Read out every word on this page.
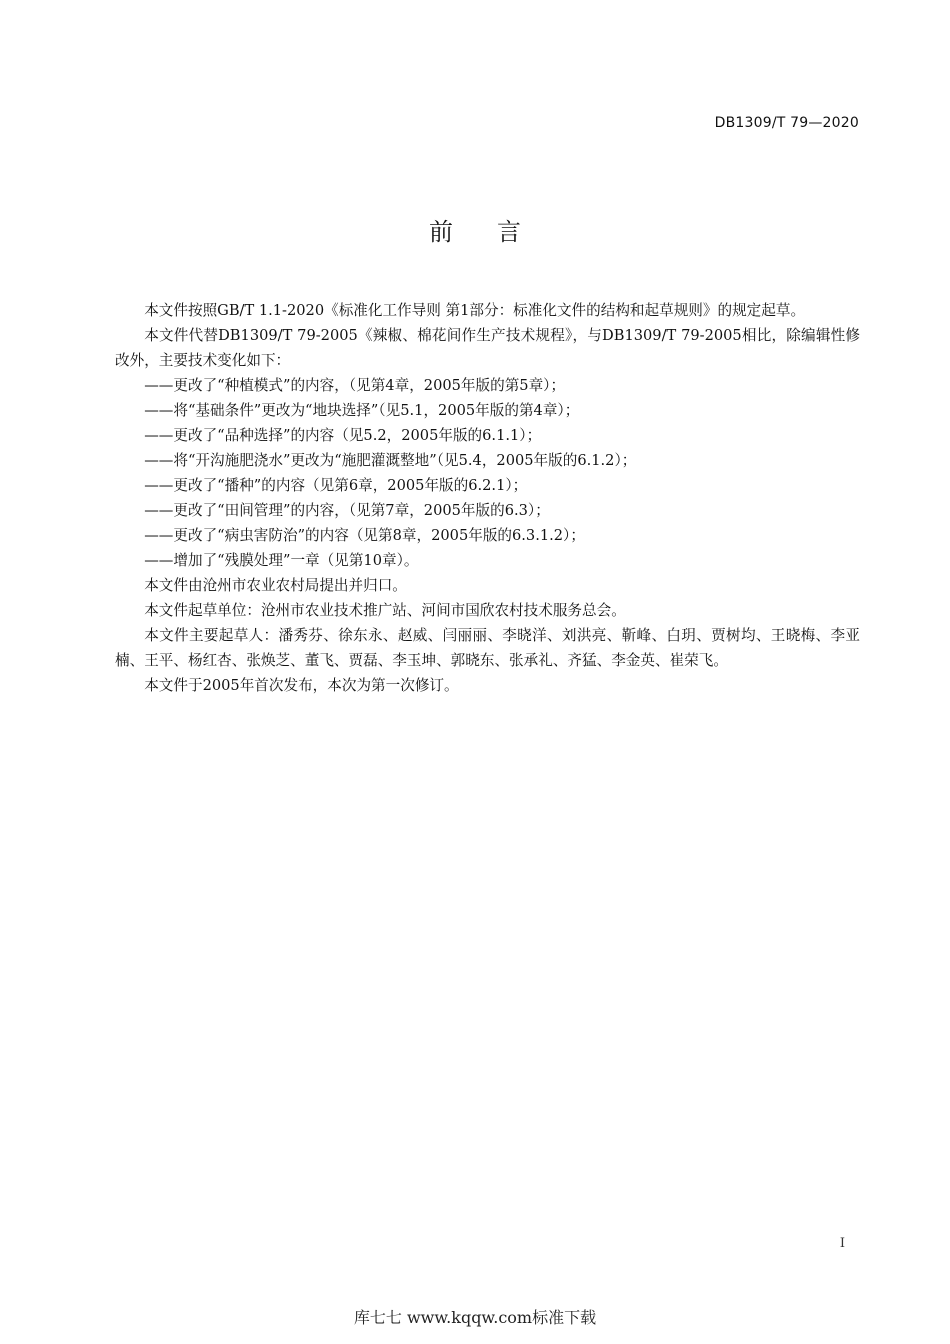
DB1309/T 79—2020
前言

本文件按照GB/T 1.1-2020《标准化工作导则 第1部分：标准化文件的结构和起草规则》的规定起草。

本文件代替DB1309/T 79-2005《辣椒、棉花间作生产技术规程》，与DB1309/T 79-2005相比，除编辑性修改外，主要技术变化如下：

——更改了“种植模式”的内容，（见第4章，2005年版的第5章）；

——将“基础条件”更改为“地块选择”（见5.1，2005年版的第4章）；

——更改了“品种选择”的内容（见5.2，2005年版的6.1.1）；

——将“开沟施肥浇水”更改为“施肥灌溉整地”（见5.4，2005年版的6.1.2）；

——更改了“播种”的内容（见第6章，2005年版的6.2.1）；

——更改了“田间管理”的内容，（见第7章，2005年版的6.3）；

——更改了“病虫害防治”的内容（见第8章，2005年版的6.3.1.2）；

——增加了“残膜处理”一章（见第10章）。

本文件由沧州市农业农村局提出并归口。

本文件起草单位：沧州市农业技术推广站、河间市国欣农村技术服务总会。

本文件主要起草人：潘秀芬、徐东永、赵威、闫丽丽、李晓洋、刘洪亮、靳峰、白玥、贾树均、王晓梅、李亚楠、王平、杨红杏、张焕芝、董飞、贾磊、李玉坤、郭晓东、张承礼、齐猛、李金英、崔荣飞。

本文件于2005年首次发布，本次为第一次修订。

I
库七七 www.kqqw.com标准下载
